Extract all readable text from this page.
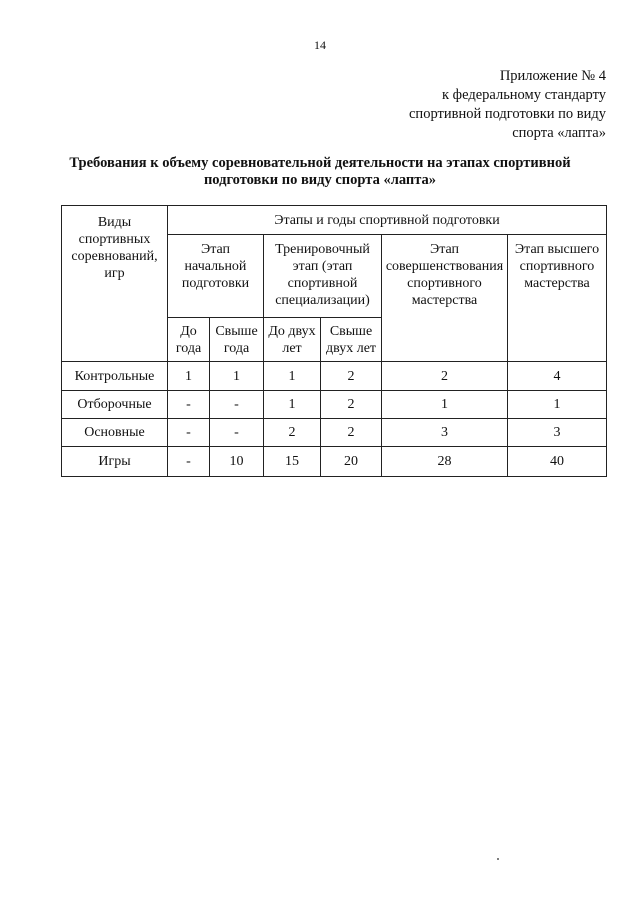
14
Приложение № 4
к федеральному стандарту
спортивной подготовки по виду
спорта «лапта»
Требования к объему соревновательной деятельности на этапах спортивной
подготовки по виду спорта «лапта»
Виды спортивных соревнований, игр	Этапы и годы спортивной подготовки					

	Этап начальной подготовки		Тренировочный этап (этап спортивной специализации)		Этап совершенствования спортивного мастерства	Этап высшего спортивного мастерства

	До года	Свыше года	До двух лет	Свыше двух лет		

Контрольные	1	1	1	2	2	4
Отборочные	-	-	1	2	1	1
Основные	-	-	2	2	3	3
Игры	-	10	15	20	28	40
